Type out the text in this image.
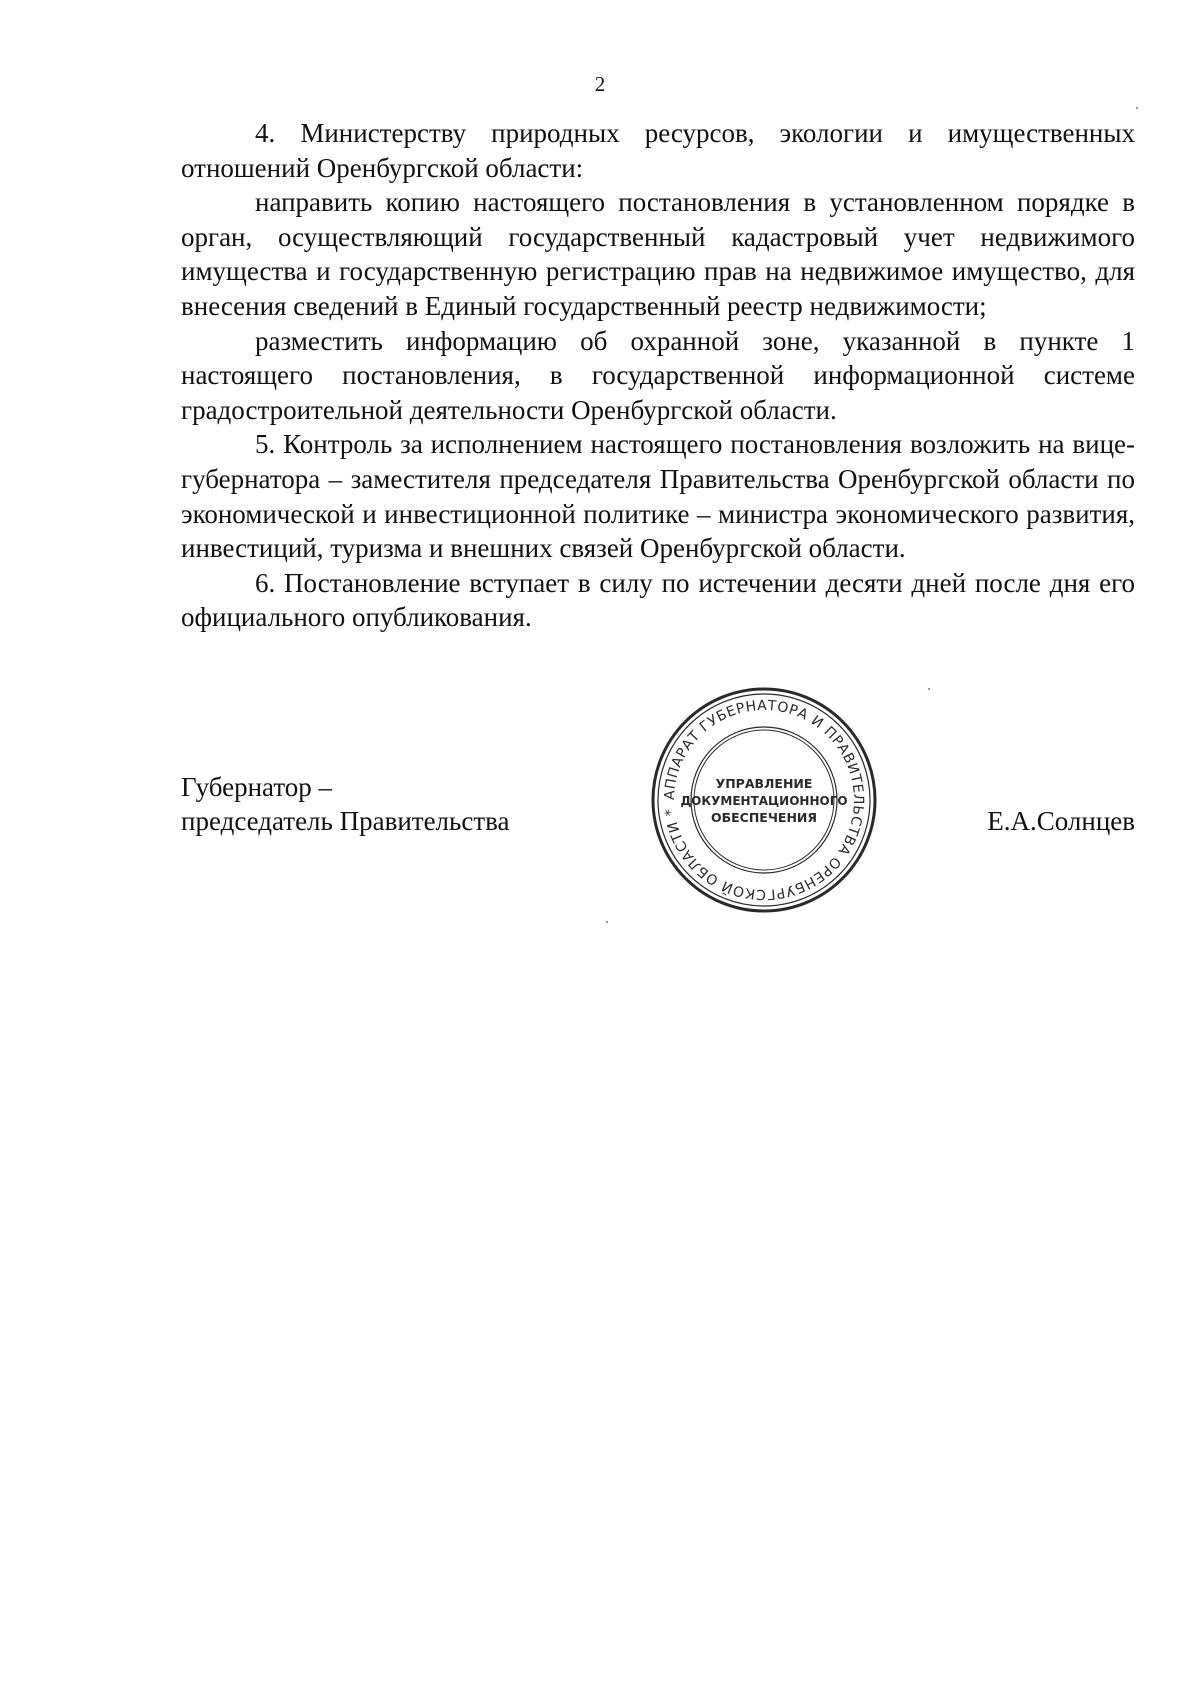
2

4. Министерству природных ресурсов, экологии и имущественных отношений Оренбургской области:

направить копию настоящего постановления в установленном порядке в орган, осуществляющий государственный кадастровый учет недвижимого имущества и государственную регистрацию прав на недвижимое имущество, для внесения сведений в Единый государственный реестр недвижимости;

разместить информацию об охранной зоне, указанной в пункте 1 настоящего постановления, в государственной информационной системе градостроительной деятельности Оренбургской области.

5. Контроль за исполнением настоящего постановления возложить на вице-губернатора – заместителя председателя Правительства Оренбургской области по экономической и инвестиционной политике – министра экономического развития, инвестиций, туризма и внешних связей Оренбургской области.

6. Постановление вступает в силу по истечении десяти дней после дня его официального опубликования.

Губернатор –
председатель Правительства	Е.А.Солнцев
АППАРАТ ГУБЕРНАТОРА И ПРАВИТЕЛЬСТВА ОРЕНБУРГСКОЙ ОБЛАСТИ *
УПРАВЛЕНИЕ
ДОКУМЕНТАЦИОННОГО
ОБЕСПЕЧЕНИЯ
